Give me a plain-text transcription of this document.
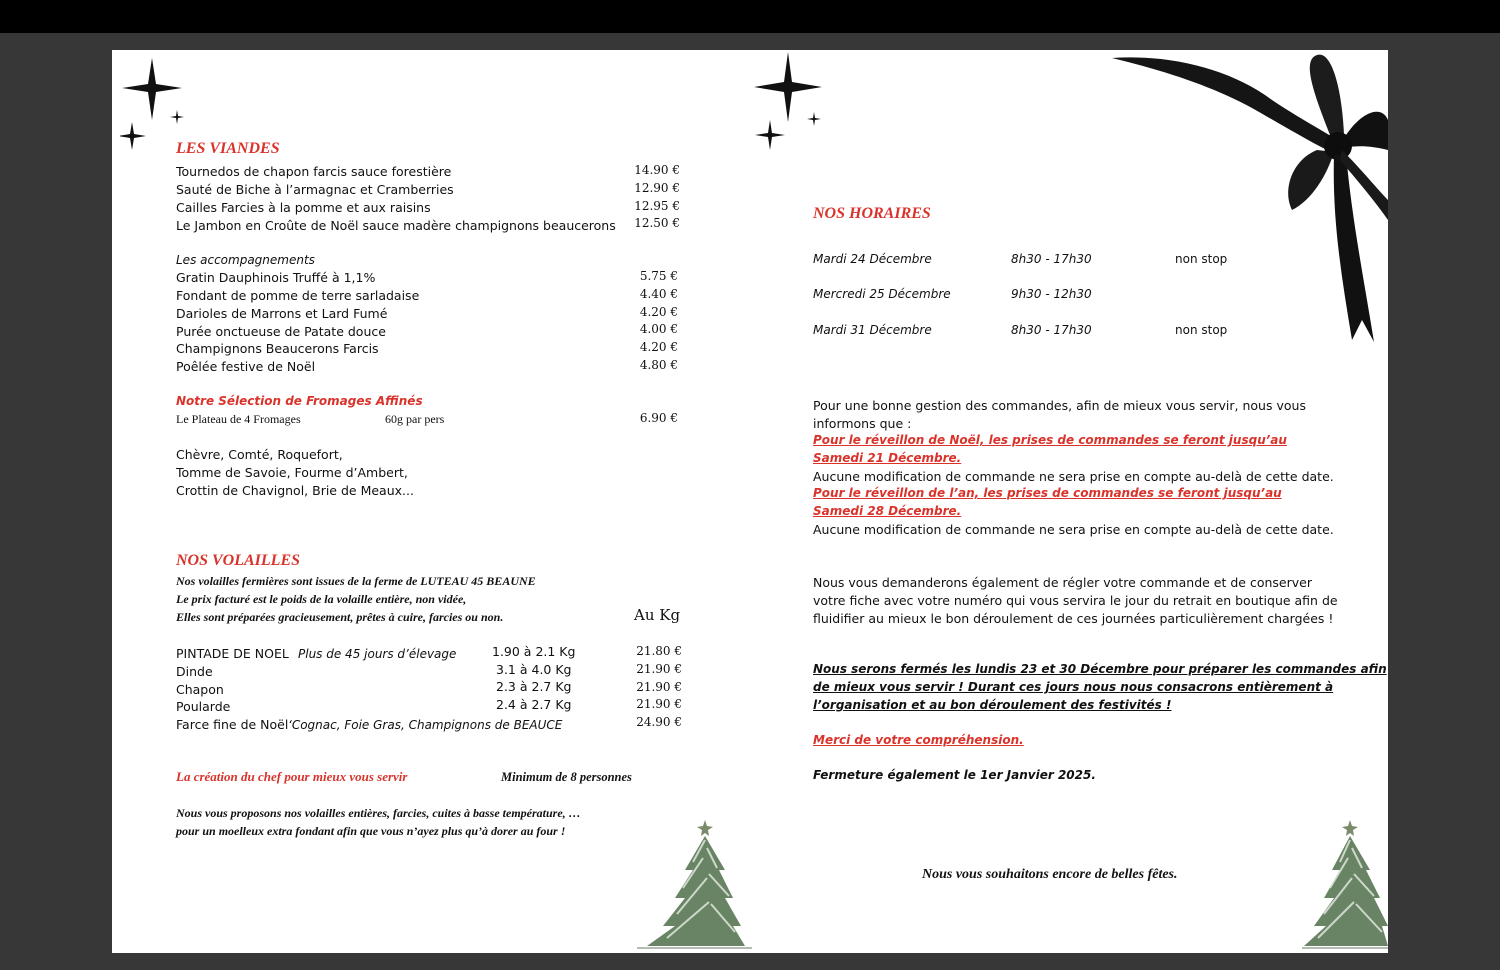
LES VIANDES
Tournedos de chapon farcis sauce forestière	14.90 €
Sauté de Biche à l’armagnac et Cramberries	12.90 €
Cailles Farcies à la pomme et aux raisins	12.95 €
Le Jambon en Croûte de Noël sauce madère champignons beaucerons	12.50 €
Les accompagnements
Gratin Dauphinois Truffé à 1,1%	5.75 €
Fondant de pomme de terre sarladaise	4.40 €
Darioles de Marrons et Lard Fumé	4.20 €
Purée onctueuse de Patate douce	4.00 €
Champignons Beaucerons Farcis	4.20 €
Poêlée festive de Noël	4.80 €
Notre Sélection de Fromages Affinés
Le Plateau de 4 Fromages	60g par pers	6.90 €
Chèvre, Comté, Roquefort,
Tomme de Savoie, Fourme d’Ambert,
Crottin de Chavignol, Brie de Meaux...
NOS VOLAILLES
Nos volailles fermières sont issues de la ferme de LUTEAU 45 BEAUNE
Le prix facturé est le poids de la volaille entière, non vidée,
Elles sont préparées gracieusement, prêtes à cuire, farcies ou non.	Au Kg
PINTADE DE NOEL Plus de 45 jours d’élevage	1.90 à 2.1 Kg	21.80 €
Dinde	3.1 à 4.0 Kg	21.90 €
Chapon	2.3 à 2.7 Kg	21.90 €
Poularde	2.4 à 2.7 Kg	21.90 €
Farce fine de Noël ‘Cognac, Foie Gras, Champignons de BEAUCE	24.90 €
La création du chef pour mieux vous servir	Minimum de 8 personnes
Nous vous proposons nos volailles entières, farcies, cuites à basse température, …
pour un moelleux extra fondant afin que vous n’ayez plus qu’à dorer au four !
NOS HORAIRES
Mardi 24 Décembre	8h30 - 17h30	non stop
Mercredi 25 Décembre	9h30 - 12h30
Mardi 31 Décembre	8h30 - 17h30	non stop
Pour une bonne gestion des commandes, afin de mieux vous servir, nous vous
informons que :
Pour le réveillon de Noël, les prises de commandes se feront jusqu’au
Samedi 21 Décembre.
Aucune modification de commande ne sera prise en compte au-delà de cette date.
Pour le réveillon de l’an, les prises de commandes se feront jusqu’au
Samedi 28 Décembre.
Aucune modification de commande ne sera prise en compte au-delà de cette date.
Nous vous demanderons également de régler votre commande et de conserver
votre fiche avec votre numéro qui vous servira le jour du retrait en boutique afin de
fluidifier au mieux le bon déroulement de ces journées particulièrement chargées !
Nous serons fermés les lundis 23 et 30 Décembre pour préparer les commandes afin
de mieux vous servir ! Durant ces jours nous nous consacrons entièrement à
l’organisation et au bon déroulement des festivités !
Merci de votre compréhension.
Fermeture également le 1er Janvier 2025.
Nous vous souhaitons encore de belles fêtes.
